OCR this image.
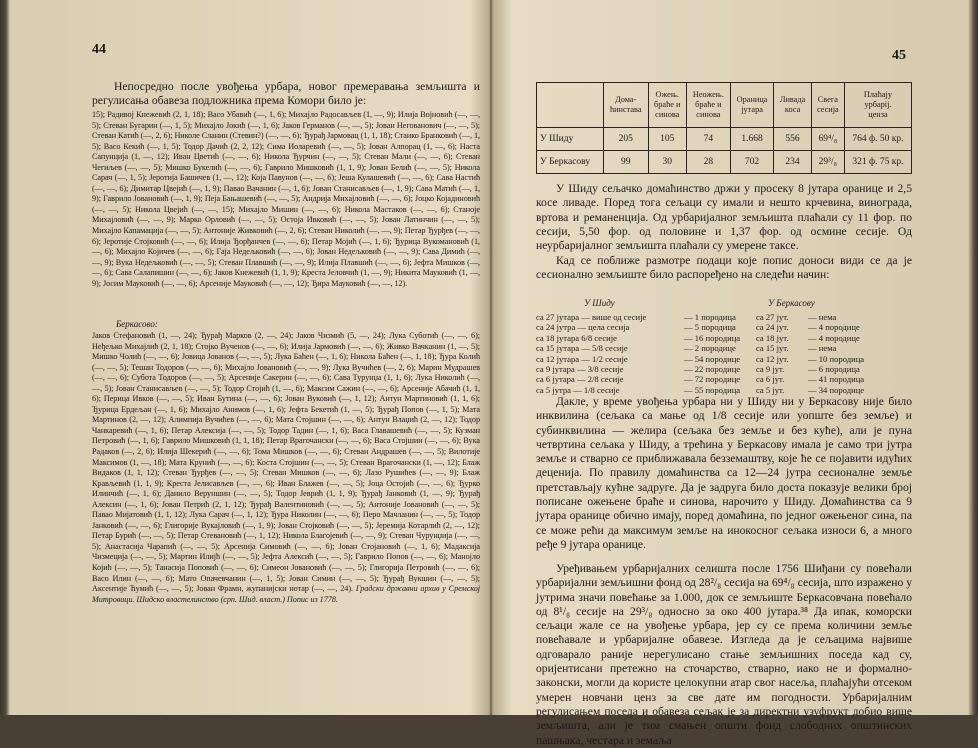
44

Непосредно после увођења урбара, новог премеравања земљишта и регулисања обавеза подложника према Комори било је:

15); Радивој Кнежевић (2, 1, 18); Васо Убавић (—, 1, 6); Михајло Радосављев (1, —, 9); Илија Војновић (—, —, 5); Стеван Бугарин (—, 1, 5); Михајло Јокић (—, 1, 6); Јаков Германов (—, —, 5); Јован Негованович (—, —, 5); Стеван Катић (—, 2, 6); Николе Сланин (Стевин?) (—, —, 6); Ђурађ Јармовац (1, 1, 18); Стаико Бранковић (—, 1, 5); Васо Кекић (—, 1, 5); Тодор Дачић (2, 2, 12); Сима Иоларевић (—, —, 5); Јован Алпорац (1, —, 6); Наста Сапунција (1, —, 12); Иван Цветић (—, —, 6); Никола Ђурчин (—, —, 5); Стеван Мали (—, —, 6); Стеван Чегиљев (—, —, 5); Мишко Букелић (—, —, 6); Гаврило Мишковић (1, 1, 9); Јован Белић (—, —, 5); Никола Сарач (—, 1, 5); Јеротија Башичев (1, —, 12); Која Павунов (—, —, 6); Јеша Кулашевић (—, —, 6); Сава Настић (—, —, 6); Димитар Цвејић (—, 1, 9); Павао Вачанин (—, 1, 6); Јован Станисављев (—, 1, 9); Сава Матић (—, 1, 9); Гаврило Јовановић (—, 1, 9); Пеја Бањашевић (—, —, 5); Андрија Михајловић (—, —, 6); Јоцко Којадиновић (—, —, 5); Никола Цвејић (—, —, 15); Михајло Мишин (—, —, 6); Никола Мастаков (—, —, 6); Станоје Михајловић (—, —, 9); Марко Орловић (—, —, 5); Остоја Ивковић (—, —, 5); Јован Латинчин (—, —, 5); Михајло Капамација (—, —, 5); Антоније Живковић (—, 2, 6); Стеван Николић (—, —, 9); Петар Ђурђев (—, —, 6); Јеротије Стојковић (—, —, 6); Илија Ђорђанчев (—, —, 6); Петар Мојић (—, 1, 6); Ђурица Вукомановић (1, —, 6); Михајло Којичев (—, —, 6); Гаја Недељковић (—, —, 6); Јован Недељковић (—, —, 9); Сава Димић (—, —, 9); Вука Недељковић (—, —, 5); Стеван Плавшић (—, —, 9); Илија Плавшић (—, —, 6); Јефта Мишков (—, —, 6); Сава Салапишин (—, —, 6); Јаков Кнежевић (1, 1, 9); Креста Јеловчић (1, —, 9); Никита Мауковић (1, —, 9); Јосим Мауковић (—, —, 6); Арсеније Мауковић (—, —, 12); Ђира Мауковић (—, —, 12).

Беркасово:

Јаков Стефановић (1, —, 24); Ђурађ Марков (2, —, 24); Јаков Чизмић (5, —, 24); Лука Суботић (—, —, 6); Неђељко Михајлић (2, 1, 18); Стојко Вученов (—, —, 6); Илија Јармовић (—, —, 6); Живко Вачканин (1, —, 5); Мишко Чолић (—, —, 6); Јовица Јованов (—, —, 5); Лука Баћен (—, 1, 6); Никола Баћен (—, 1, 18); Ђура Колић (—, —, 5); Тешан Тодоров (—, —, 6); Михајло Јовановић (—, —, 9); Лука Вучићев (—, 2, 6); Марин Мудрашев (—, —, 6); Субота Тодоров (—, —, 5); Арсеније Сакерин (—, —, 6); Сава Турунџа (1, 1, 6); Лука Николић (—, —, 5); Јован Станисављев (—, —, 5); Тодор Стојић (1, —, 6); Максим Сажин (—, —, 6); Арсеније Абачић (1, 1, 6); Перица Ивков (—, —, 5); Иван Бутина (—, —, 6); Јован Вуковић (—, 1, 12); Антун Мартиновић (1, 1, 6); Ђурица Ердељан (—, 1, 6); Михајло Анимов (—, 1, 6); Јефта Бекетић (1, —, 5); Ђурађ Попов (—, 1, 5); Мата Мартинов (2, —, 12); Алимпија Вучићев (—, —, 6); Мата Стојшин (—, —, 6); Антун Влаџић (2, —, 12); Тодор Чанкаревић (—, 1, 6); Петар Алексија (—, —, 5); Тодор Тадин (—, 1, 6); Васа Главашевић (—, —, 5); Кузман Петровић (—, 1, 6); Гаврило Мишковић (1, 1, 18); Петар Врагочански (—, —, 6); Васа Стојшин (—, —, 6); Вука Радаков (—, 2, 6); Илија Шекерић (—, —, 6); Тома Мишков (—, —, 6); Стеван Андрашев (—, —, 5); Вилотије Максимов (1, —, 18); Мата Крунић (—, —, 6); Коста Стојшин (—, —, 5); Стеван Врагочански (1, —, 12); Блаж Видаков (1, 1, 12); Стеван Ђурђев (—, —, 5); Стеван Мишков (—, —, 6); Лазо Рушићев (—, —, 9); Блаж Крављевић (1, 1, 9); Креста Јелисављев (—, —, 6); Иван Блажев (—, —, 5); Јоца Остојић (—, —, 6); Ђурко Илинчић (—, 1, 6); Данило Веруншин (—, —, 5); Тодор Јеврић (1, 1, 9); Ђурађ Јанковић (1, —, 9); Ђурађ Алексин (—, 1, 6); Јован Петрић (2, 1, 12); Ђурађ Валентиновић (—, —, 5); Антоније Јовановић (—, —, 5); Павао Мијатовић (1, 1, 12); Лука Сарач (—, 1, 12); Ђура Николин (—, —, 6); Перо Мачланин (—, —, 5); Тодор Јанковић (—, —, 6); Глигорије Вукајловић (—, 1, 9); Јован Стојковић (—, —, 5); Јеремија Котарлић (2, —, 12); Петар Бурић (—, —, 5); Петар Стевановић (—, 1, 12); Никола Благојевић (—, —, 9); Стеван Чурунџија (—, —, 5); Анастасија Чарапић (—, —, 5); Арсенија Симовић (—, —, 6); Јован Стојановић (—, 1, 6); Мадаксија Чизмеција (—, —, 5); Мартин Илијћ (—, —, 5); Јефта Алексић (—, —, 5); Гаврило Попов (—, —, 6); Манојло Којић (—, —, 5); Танасија Поповић (—, —, 6); Симеон Јовановић (—, —, 5); Глигорија Петровић (—, —, 6); Васо Илин (—, —, 6); Мато Опачевчанин (—, 1, 5); Јован Симин (—, —, 5); Ђурађ Вукшин (—, —, 5); Аксентије Ћумић (—, —, 5); Јован Фрамн, жупанијски нотар (—, —, 24). Градски државни архив у Сремској Митровици. Шидско властелинство (срп. Шид. власт.) Попис из 1778.

45
	Дома-
ћинстава	Ожењ.
браће и
синова	Неожењ.
браће и
синова	Ораница
јутара	Ливада
коса	Свега
сесија	Плаћају
урбарij.
ценза
У Шиду	205	105	74	1.668	556	69⁴/₈	764 ф. 50 кр.
У Беркасову	99	30	28	702	234	29³/₈	321 ф. 75 кр.

У Шиду сељачко домаћинство држи у просеку 8 јутара оранице и 2,5 косе ливаде. Поред тога сељаци су имали и нешто крчевина, винограда, вртова и реманенција. Од урбаријалног земљишта плаћали су 11 фор. по сесији, 5,50 фор. од половине и 1,37 фор. од осмине сесије. Од неурбаријалног земљишта плаћали су умерене таксе.

Кад се поближе размотре подаци које попис доноси види се да је сесионално земљиште било распоређено на следећи начин:

У Шиду	У Беркасову
са 27 јутара — више од сесије	— 1 породица са 27 јут. — нема
са 24 јутра — цела сесија	— 5 породица са 24 јут. — 4 породице
са 18 јутара 6/8 сесије	— 16 породица са 18 јут. — 4 породице
са 15 јутара — 5/8 сесије	— 2 породице са 15 јут. — нема
са 12 јутара — 1/2 сесије	— 54 породице са 12 јут. — 10 породица
са 9 јутара — 3/8 сесије	— 22 породице са 9 јут.	— 6 породица
са 6 јутара — 2/8 сесије	— 72 породице са 6 јут.	— 41 породица
са 5 јутра — 1/8 сесије	— 55 породица са 5 јут.	— 34 породице

Дакле, у време увођења урбара ни у Шиду ни у Беркасову није било инквилина (сељака са мање од 1/8 сесије или уопште без земље) и субинквилина — желира (сељака без земље и без куће), али је пуна четвртина сељака у Шиду, а трећина у Беркасову имала је само три јутра земље и стварно се приближавала безземаштву, које ће се појавити идућих деценија. По правилу домаћинства са 12—24 јутра сесионалне земље претстављају кућне задруге. Да је задруга било доста показује велики број пописане ожењене браће и синова, нарочито у Шиду. Домаћинства са 9 јутара оранице обично имају, поред домаћина, по једног ожењеног сина, па се може рећи да максимум земље на инокосног сељака износи 6, а много ређе 9 јутара оранице.

Уређивањем урбаријалних селишта после 1756 Шиђани су повећали урбаријални земљишни фонд од 28²/₈ сесија на 69⁴/₈ сесија, што изражено у јутрима значи повећање за 1.000, док се земљиште Беркасовчана повећало од 8¹/₈ сесије на 29³/₈ односно за око 400 јутара.³⁸ Да ипак, коморски сељаци жале се на увођење урбара, јер су се према количини земље повећавале и урбаријалне обавезе. Изгледа да је сељацима највише одговарало раније нерегулисано стање земљишних поседа кад су, оријентисани претежно на сточарство, стварно, иако не и формално-законски, могли да користе целокупни атар свог насеља, плаћајући отсеком умерен новчани ценз за све дате им погодности. Урбаријалним регулисањем поседа и обавеза сељак је за директни узуфрукт добио више земљишта, али је тим смањен општи фонд слободних општинских пашњака, честара и земаља
